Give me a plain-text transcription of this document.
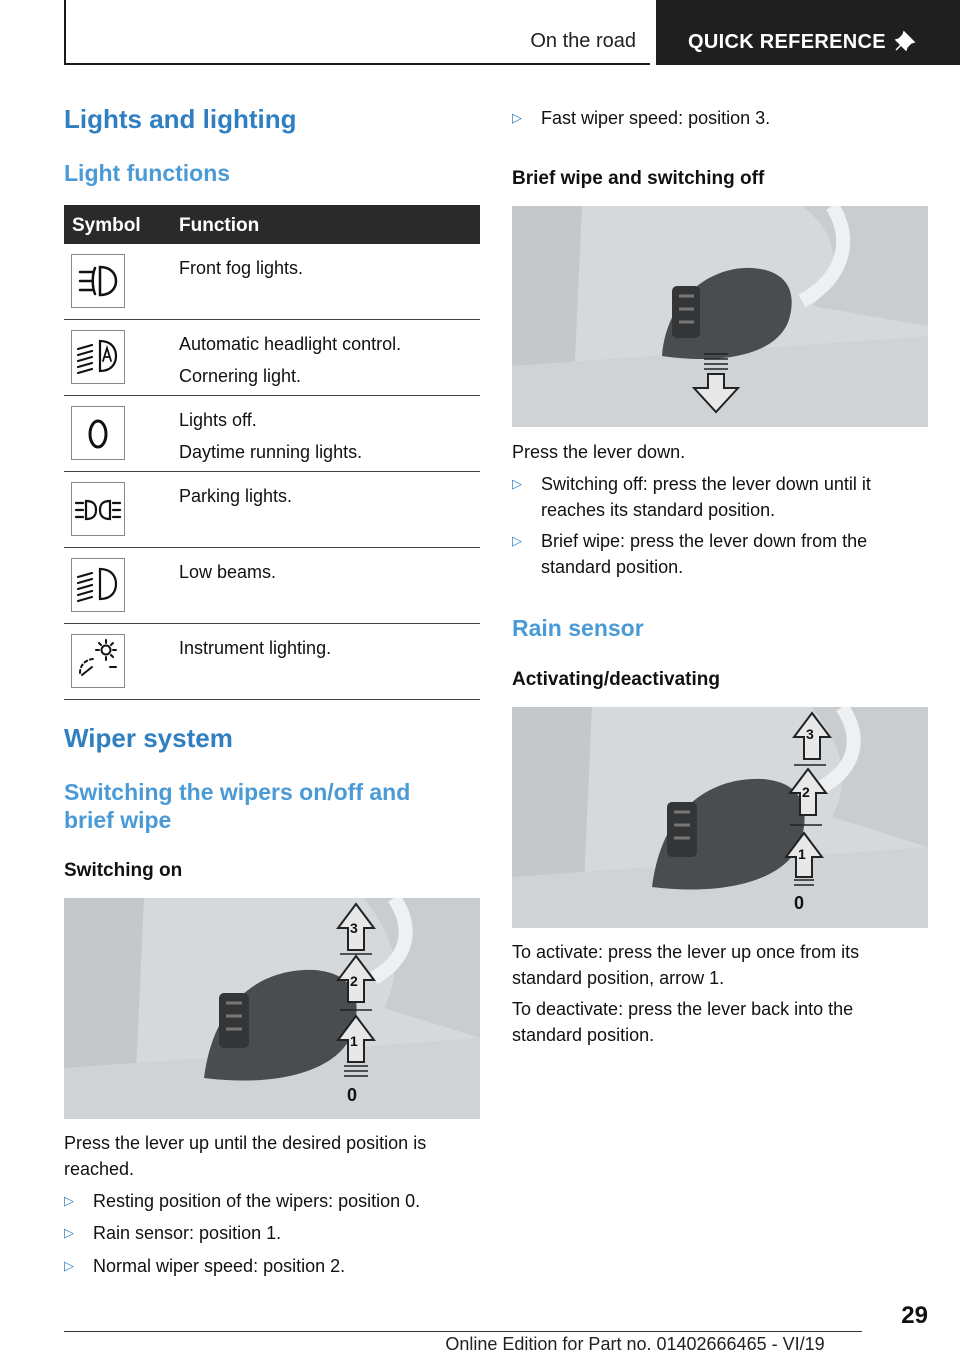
On the road	QUICK REFERENCE
Lights and lighting
Light functions
Symbol Function
Front fog lights.
Automatic headlight control.
Cornering light.
Lights off.
Daytime running lights.
Parking lights.
Low beams.
Instrument lighting.
Wiper system
Switching the wipers on/off and brief wipe
Switching on
3
2
1
0
Press the lever up until the desired position is reached.
▷ Resting position of the wipers: position 0.
▷ Rain sensor: position 1.
▷ Normal wiper speed: position 2.
▷ Fast wiper speed: position 3.
Brief wipe and switching off
Press the lever down.
▷ Switching off: press the lever down until it reaches its standard position.
▷ Brief wipe: press the lever down from the standard position.
Rain sensor
Activating/deactivating
3
2
1
0
To activate: press the lever up once from its standard position, arrow 1.
To deactivate: press the lever back into the standard position.
29
Online Edition for Part no. 01402666465 - VI/19
